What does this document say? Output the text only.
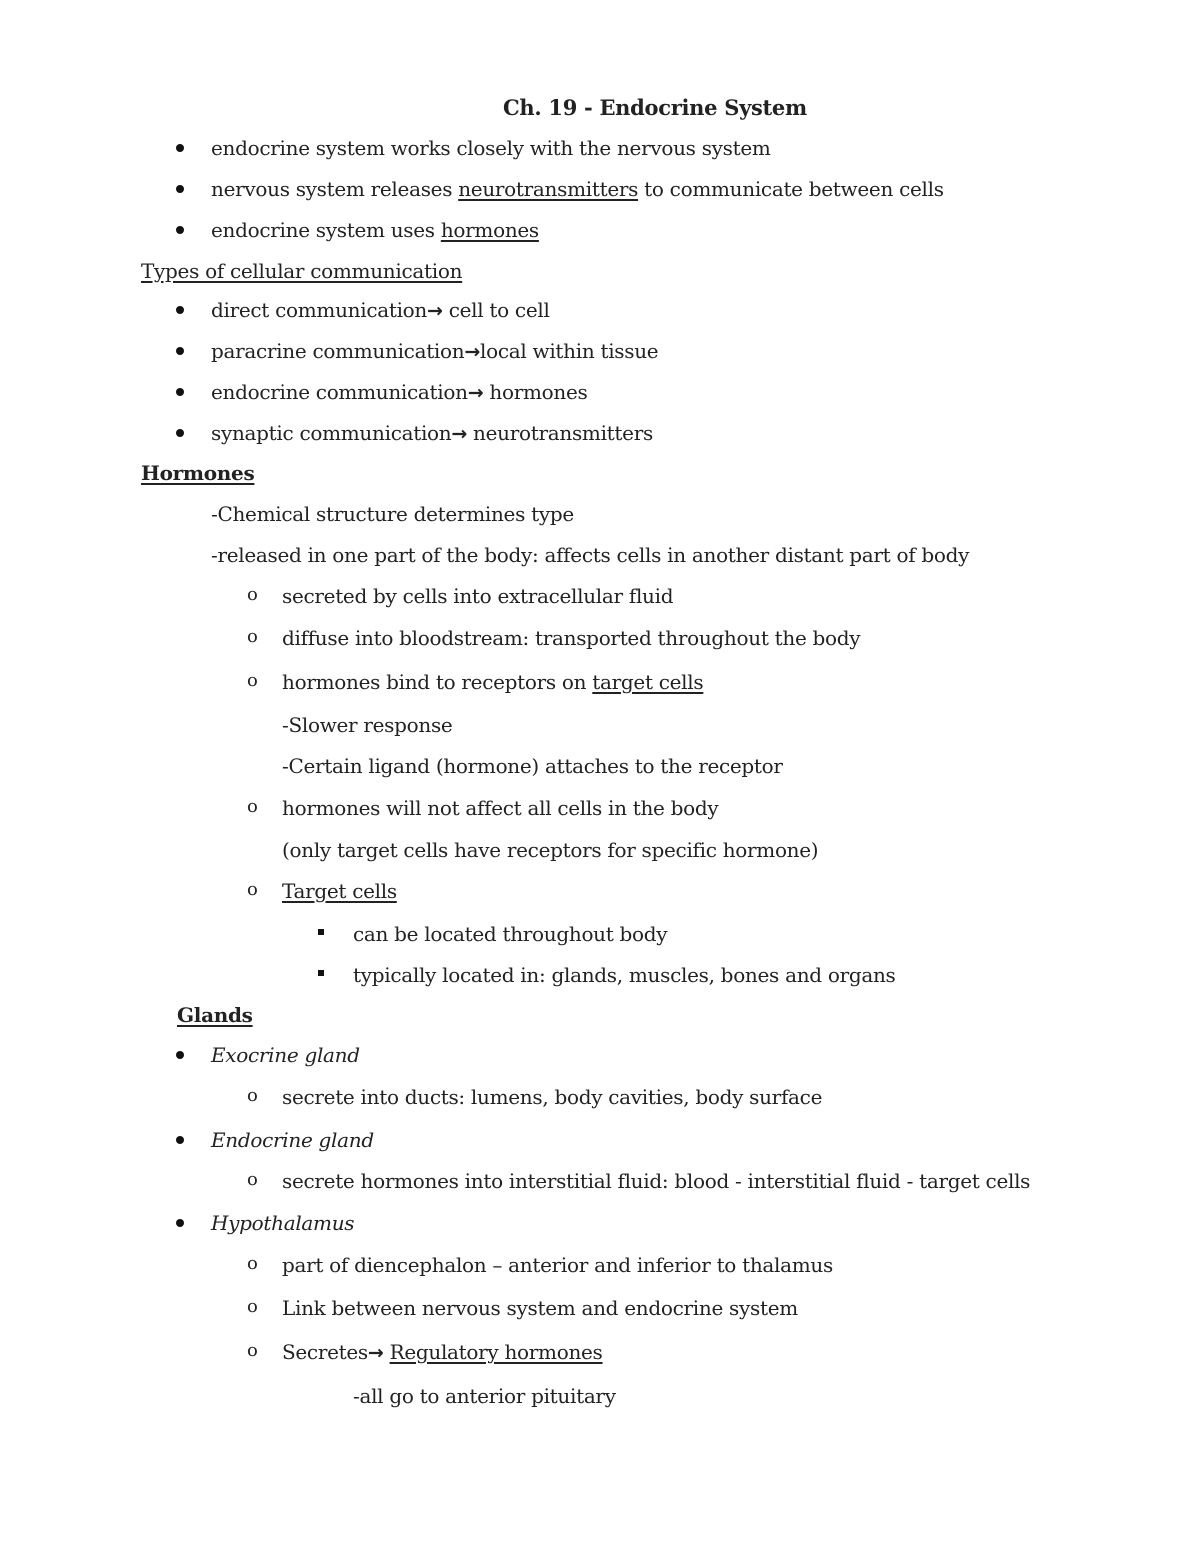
Ch. 19 - Endocrine System
endocrine system works closely with the nervous system
nervous system releases neurotransmitters to communicate between cells
endocrine system uses hormones
Types of cellular communication
direct communication→ cell to cell
paracrine communication→local within tissue
endocrine communication→ hormones
synaptic communication→ neurotransmitters
Hormones
-Chemical structure determines type
-released in one part of the body: affects cells in another distant part of body
o secreted by cells into extracellular fluid
o diffuse into bloodstream: transported throughout the body
o hormones bind to receptors on target cells
-Slower response
-Certain ligand (hormone) attaches to the receptor
o hormones will not affect all cells in the body
(only target cells have receptors for specific hormone)
o Target cells
can be located throughout body
typically located in: glands, muscles, bones and organs
Glands
Exocrine gland
o secrete into ducts: lumens, body cavities, body surface
Endocrine gland
o secrete hormones into interstitial fluid: blood - interstitial fluid - target cells
Hypothalamus
o part of diencephalon – anterior and inferior to thalamus
o Link between nervous system and endocrine system
o Secretes→ Regulatory hormones
-all go to anterior pituitary
